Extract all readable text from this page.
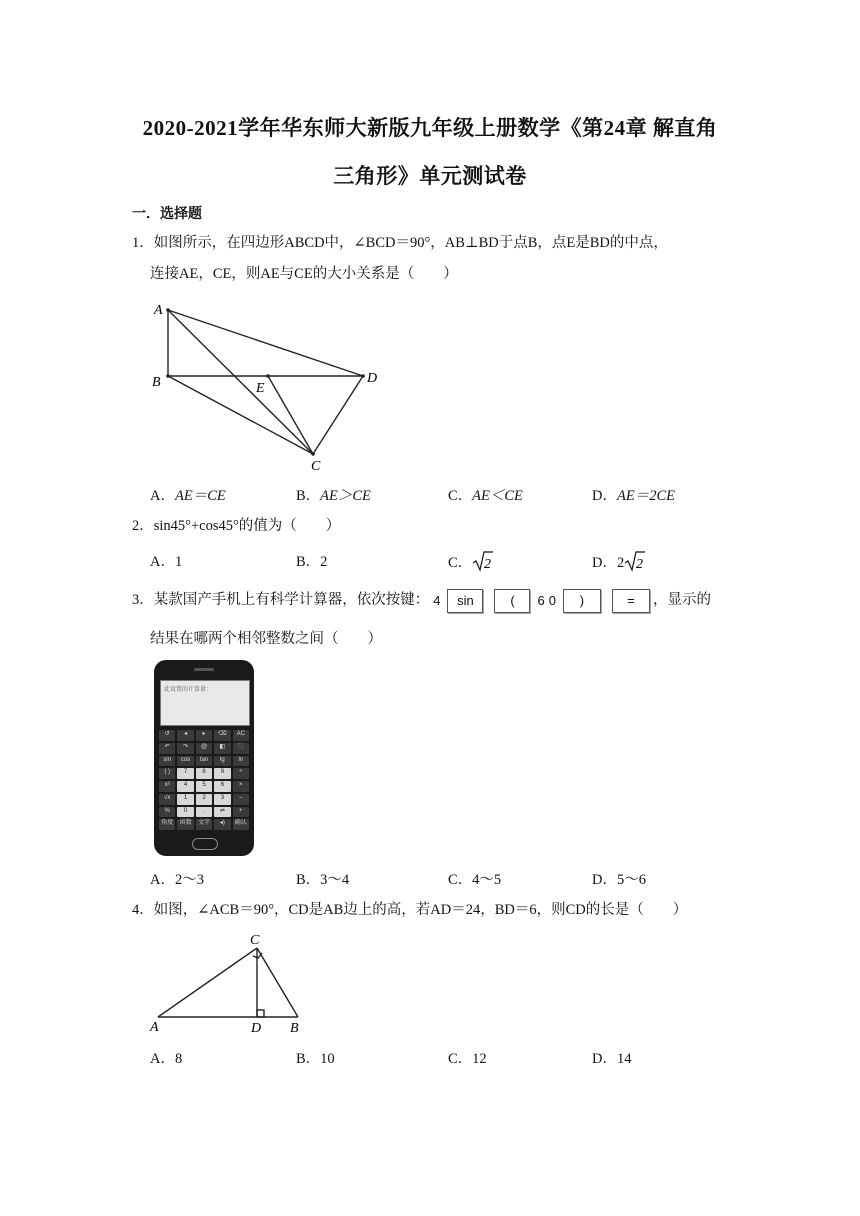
2020-2021学年华东师大新版九年级上册数学《第24章 解直角
三角形》单元测试卷
一．选择题
1．如图所示，在四边形ABCD中，∠BCD＝90°，AB⊥BD于点B，点E是BD的中点，
连接AE，CE，则AE与CE的大小关系是（　　）
A
B	E
D
C
A．AE＝CE	B．AE＞CE	C．AE＜CE	D．AE＝2CE
2．sin45°+cos45°的值为（　　）
A．1	B．2	C． 2	D．2 2
3．某款国产手机上有科学计算器，依次按键： 4 sin	( 6 0 )	= ，显示的
结果在哪两个相邻整数之间（　　）
此设置的计算量：
↺	◂	▸	⌫	AC
↶	↷	@	◧	⬛
sin	cos	tan	lg	ln
( )	7	8	9	÷
x²	4	5	6	×
√x	1	2	3	−
%	0	.	⇌	+
角度	函数	文字	◂)	确认
A．2～3	B．3～4	C．4～5	D．5～6
4．如图，∠ACB＝90°，CD是AB边上的高，若AD＝24，BD＝6，则CD的长是（　　）
C
A	D B
A．8	B．10	C．12	D．14
